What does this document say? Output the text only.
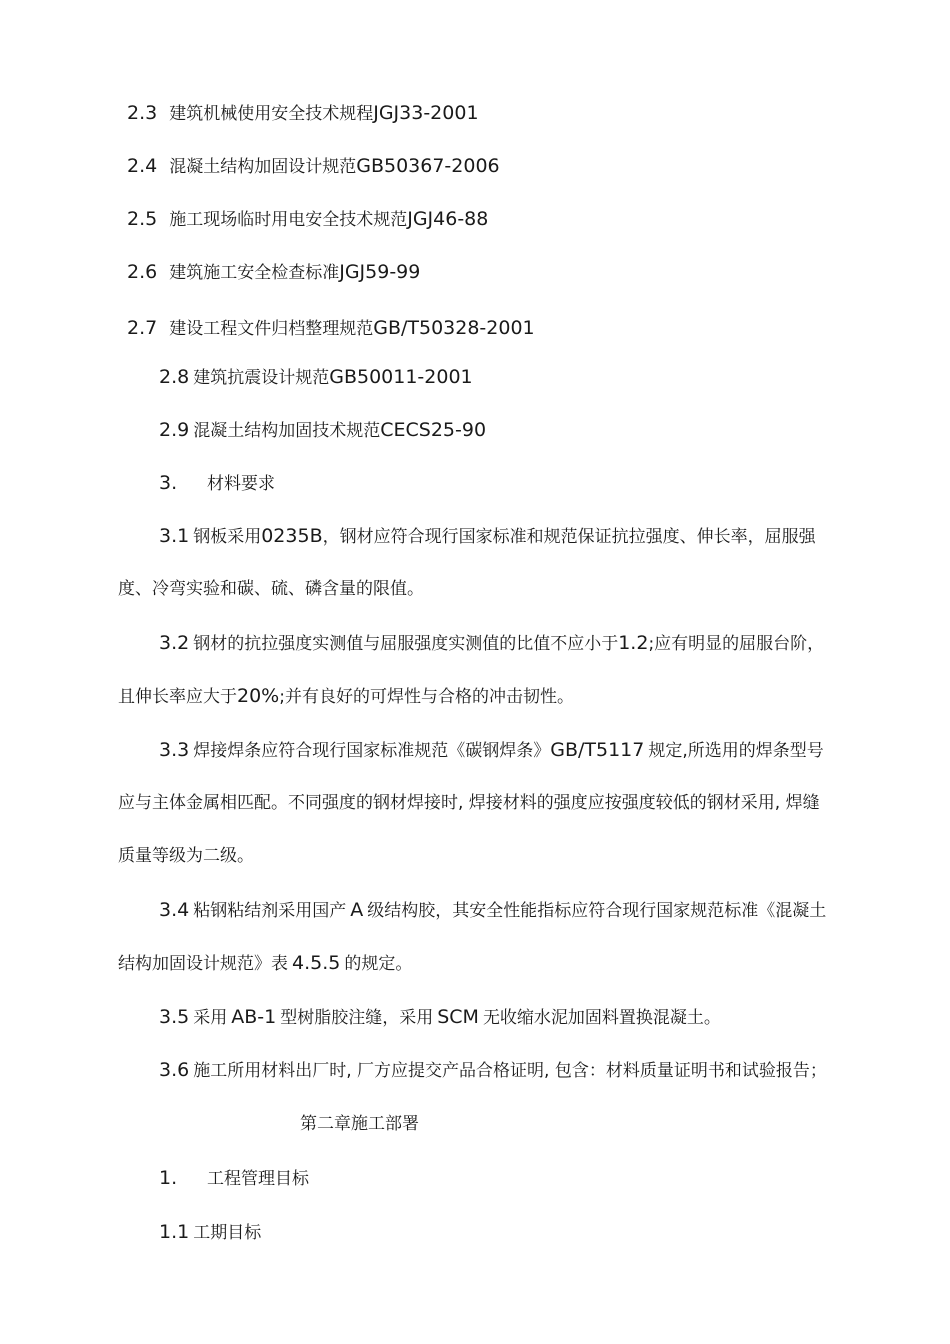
2.3 建筑机械使用安全技术规程JGJ33-2001
2.4 混凝土结构加固设计规范GB50367-2006
2.5 施工现场临时用电安全技术规范JGJ46-88
2.6 建筑施工安全检查标准JGJ59-99
2.7 建设工程文件归档整理规范GB/T50328-2001
2.8 建筑抗震设计规范GB50011-2001
2.9 混凝土结构加固技术规范CECS25-90
3. 材料要求
3.1 钢板采用0235B，钢材应符合现行国家标准和规范保证抗拉强度、伸长率，屈服强
度、冷弯实验和碳、硫、磷含量的限值。
3.2 钢材的抗拉强度实测值与屈服强度实测值的比值不应小于1.2;应有明显的屈服台阶，
且伸长率应大于20%;并有良好的可焊性与合格的冲击韧性。
3.3 焊接焊条应符合现行国家标准规范《碳钢焊条》GB/T5117 规定,所选用的焊条型号
应与主体金属相匹配。不同强度的钢材焊接时, 焊接材料的强度应按强度较低的钢材采用, 焊缝
质量等级为二级。
3.4 粘钢粘结剂采用国产 A 级结构胶，其安全性能指标应符合现行国家规范标准《混凝土
结构加固设计规范》表 4.5.5 的规定。
3.5 采用 AB-1 型树脂胶注缝，采用 SCM 无收缩水泥加固料置换混凝土。
3.6 施工所用材料出厂时, 厂方应提交产品合格证明, 包含：材料质量证明书和试验报告；
第二章施工部署
1. 工程管理目标
1.1 工期目标
